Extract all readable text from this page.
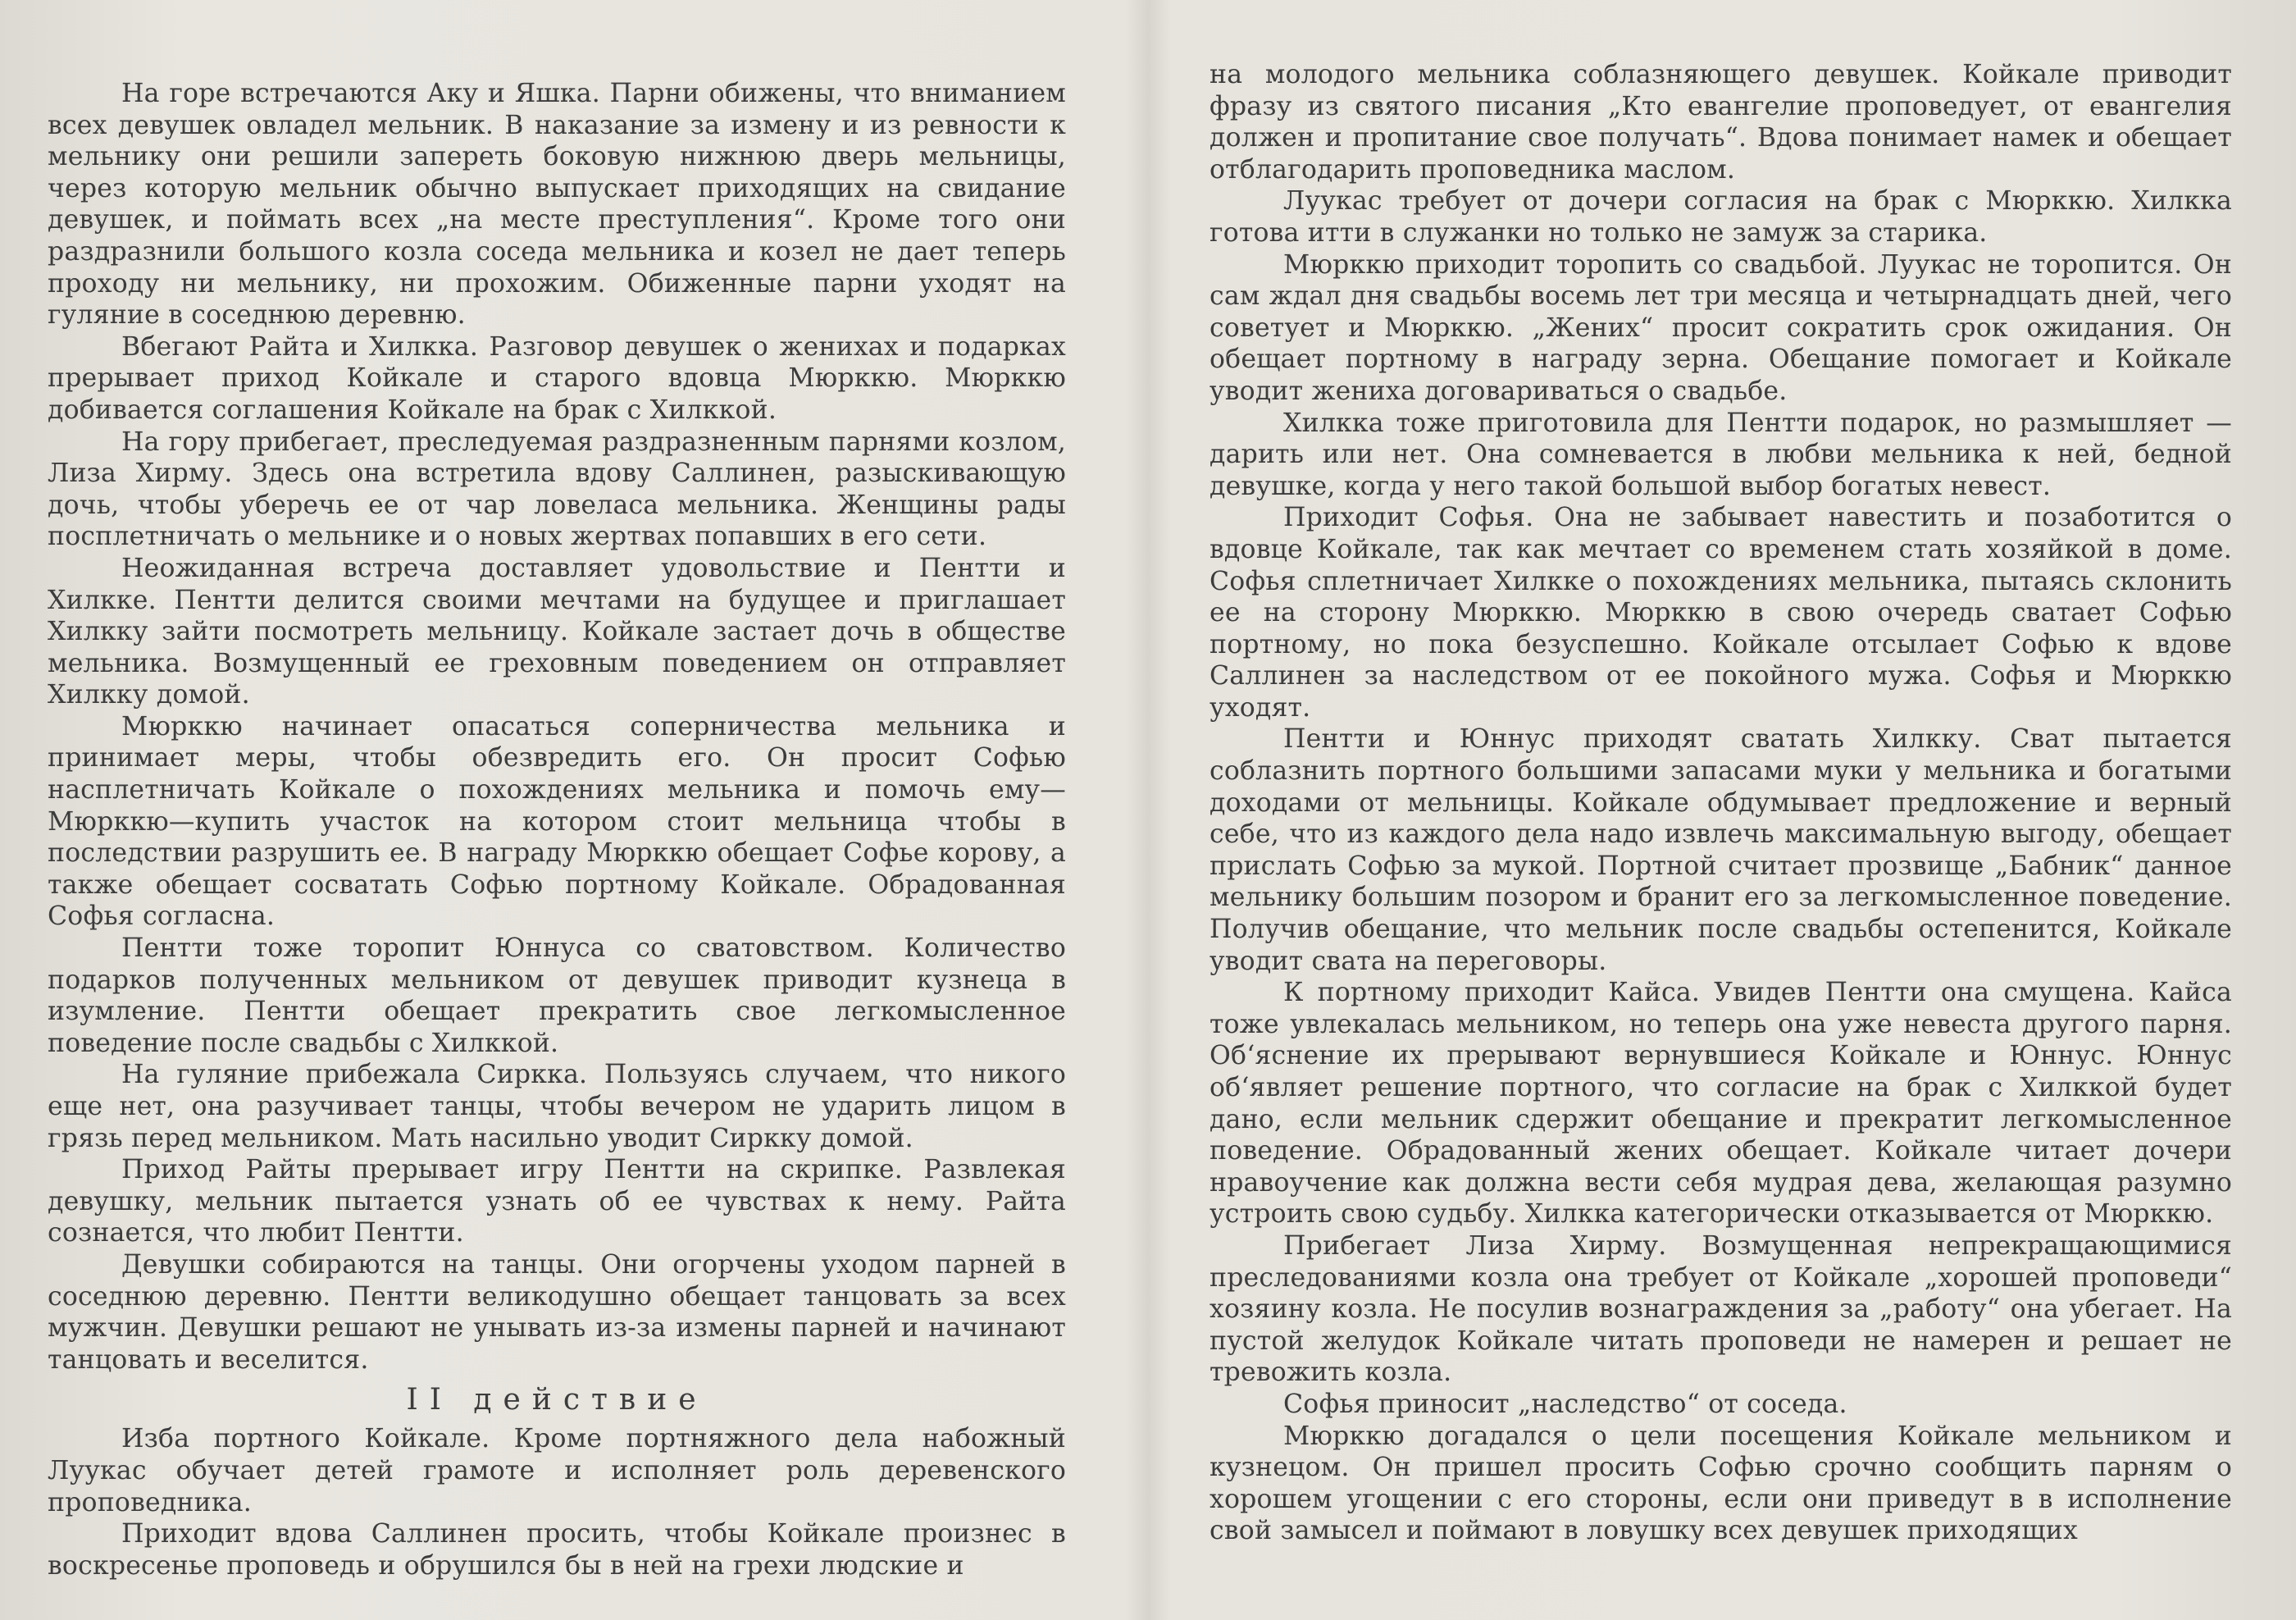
На горе встречаются Аку и Яшка. Парни обижены, что вниманием всех девушек овладел мельник. В наказание за измену и из ревности к мельнику они решили запереть боковую нижнюю дверь мельницы, через которую мельник обычно выпускает приходящих на свидание девушек, и поймать всех „на месте преступления“. Кроме того они раздразнили большого козла соседа мельника и козел не дает теперь проходу ни мельнику, ни прохожим. Обиженные парни уходят на гуляние в соседнюю деревню.

Вбегают Райта и Хилкка. Разговор девушек о женихах и подарках прерывает приход Койкале и старого вдовца Мюрккю. Мюрккю добивается соглашения Койкале на брак с Хилккой.

На гору прибегает, преследуемая раздразненным парнями козлом, Лиза Хирму. Здесь она встретила вдову Саллинен, разыскивающую дочь, чтобы уберечь ее от чар ловеласа мельника. Женщины рады посплетничать о мельнике и о новых жертвах попавших в его сети.

Неожиданная встреча доставляет удовольствие и Пентти и Хилкке. Пентти делится своими мечтами на будущее и приглашает Хилкку зайти посмотреть мельницу. Койкале застает дочь в обществе мельника. Возмущенный ее греховным поведением он отправляет Хилкку домой.

Мюрккю начинает опасаться соперничества мельника и принимает меры, чтобы обезвредить его. Он просит Софью насплетничать Койкале о похождениях мельника и помочь ему—Мюрккю—купить участок на котором стоит мельница чтобы в последствии разрушить ее. В награду Мюрккю обещает Софье корову, а также обещает сосватать Софью портному Койкале. Обрадованная Софья согласна.

Пентти тоже торопит Юннуса со сватовством. Количество подарков полученных мельником от девушек приводит кузнеца в изумление. Пентти обещает прекратить свое легкомысленное поведение после свадьбы с Хилккой.

На гуляние прибежала Сиркка. Пользуясь случаем, что никого еще нет, она разучивает танцы, чтобы вечером не ударить лицом в грязь перед мельником. Мать насильно уводит Сиркку домой.

Приход Райты прерывает игру Пентти на скрипке. Развлекая девушку, мельник пытается узнать об ее чувствах к нему. Райта сознается, что любит Пентти.

Девушки собираются на танцы. Они огорчены уходом парней в соседнюю деревню. Пентти великодушно обещает танцовать за всех мужчин. Девушки решают не унывать из-за измены парней и начинают танцовать и веселится.

II действие

Изба портного Койкале. Кроме портняжного дела набожный Луукас обучает детей грамоте и исполняет роль деревенского проповедника.

Приходит вдова Саллинен просить, чтобы Койкале произнес в воскресенье проповедь и обрушился бы в ней на грехи людские и

на молодого мельника соблазняющего девушек. Койкале приводит фразу из святого писания „Кто евангелие проповедует, от евангелия должен и пропитание свое получать“. Вдова понимает намек и обещает отблагодарить проповедника маслом.

Луукас требует от дочери согласия на брак с Мюрккю. Хилкка готова итти в служанки но только не замуж за старика.

Мюрккю приходит торопить со свадьбой. Луукас не торопится. Он сам ждал дня свадьбы восемь лет три месяца и четырнадцать дней, чего советует и Мюрккю. „Жених“ просит сократить срок ожидания. Он обещает портному в награду зерна. Обещание помогает и Койкале уводит жениха договариваться о свадьбе.

Хилкка тоже приготовила для Пентти подарок, но размышляет —дарить или нет. Она сомневается в любви мельника к ней, бедной девушке, когда у него такой большой выбор богатых невест.

Приходит Софья. Она не забывает навестить и позаботится о вдовце Койкале, так как мечтает со временем стать хозяйкой в доме. Софья сплетничает Хилкке о похождениях мельника, пытаясь склонить ее на сторону Мюрккю. Мюрккю в свою очередь сватает Софью портному, но пока безуспешно. Койкале отсылает Софью к вдове Саллинен за наследством от ее покойного мужа. Софья и Мюрккю уходят.

Пентти и Юннус приходят сватать Хилкку. Сват пытается соблазнить портного большими запасами муки у мельника и богатыми доходами от мельницы. Койкале обдумывает предложение и верный себе, что из каждого дела надо извлечь максимальную выгоду, обещает прислать Софью за мукой. Портной считает прозвище „Бабник“ данное мельнику большим позором и бранит его за легкомысленное поведение. Получив обещание, что мельник после свадьбы остепенится, Койкале уводит свата на переговоры.

К портному приходит Кайса. Увидев Пентти она смущена. Кайса тоже увлекалась мельником, но теперь она уже невеста другого парня. Об‘яснение их прерывают вернувшиеся Койкале и Юннус. Юннус об‘являет решение портного, что согласие на брак с Хилккой будет дано, если мельник сдержит обещание и прекратит легкомысленное поведение. Обрадованный жених обещает. Койкале читает дочери нравоучение как должна вести себя мудрая дева, желающая разумно устроить свою судьбу. Хилкка категорически отказывается от Мюрккю.

Прибегает Лиза Хирму. Возмущенная непрекращающимися преследованиями козла она требует от Койкале „хорошей проповеди“ хозяину козла. Не посулив вознаграждения за „работу“ она убегает. На пустой желудок Койкале читать проповеди не намерен и решает не тревожить козла.

Софья приносит „наследство“ от соседа.

Мюрккю догадался о цели посещения Койкале мельником и кузнецом. Он пришел просить Софью срочно сообщить парням о хорошем угощении с его стороны, если они приведут в в исполнение свой замысел и поймают в ловушку всех девушек приходящих
